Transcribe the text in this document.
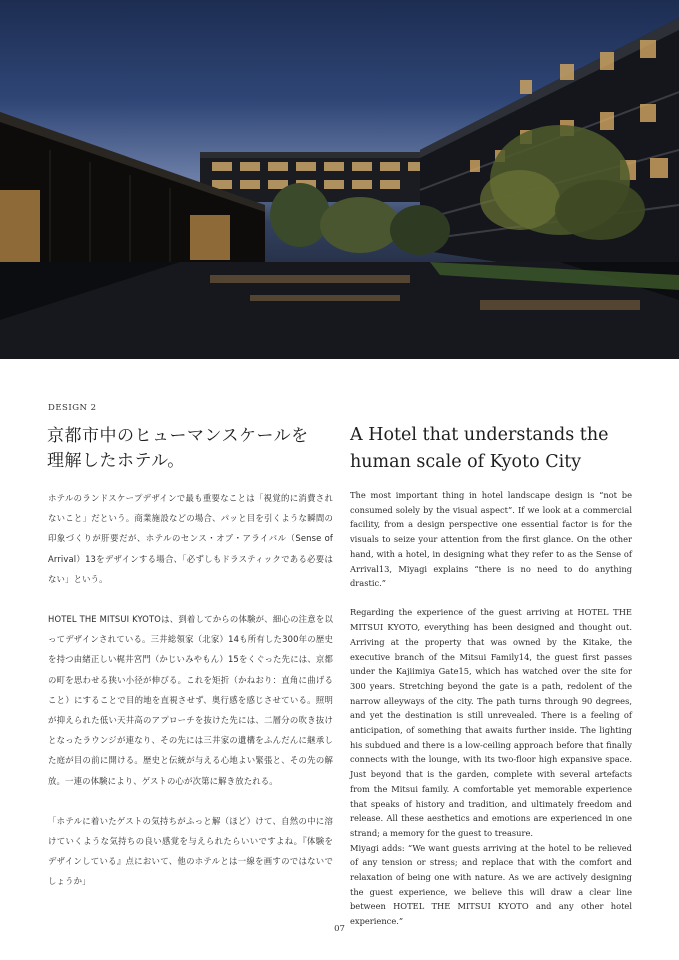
DESIGN 2
京都市中のヒューマンスケールを
理解したホテル。
A Hotel that understands the
human scale of Kyoto City

ホテルのランドスケープデザインで最も重要なことは「視覚的に消費されないこと」だという。商業施設などの場合、パッと目を引くような瞬間の印象づくりが肝要だが、ホテルのセンス・オブ・アライバル（Sense of Arrival）13をデザインする場合、「必ずしもドラスティックである必要はない」という。

HOTEL THE MITSUI KYOTOは、到着してからの体験が、細心の注意を以ってデザインされている。三井総領家（北家）14も所有した300年の歴史を持つ由緒正しい梶井宮門（かじいみやもん）15をくぐった先には、京都の町を思わせる狭い小径が伸びる。これを矩折（かねおり：直角に曲げること）にすることで目的地を直視させず、奥行感を感じさせている。照明が抑えられた低い天井高のアプローチを抜けた先には、二層分の吹き抜けとなったラウンジが連なり、その先には三井家の遺構をふんだんに継承した庭が目の前に開ける。歴史と伝統が与える心地よい緊張と、その先の解放。一連の体験により、ゲストの心が次第に解き放たれる。

「ホテルに着いたゲストの気持ちがふっと解（ほど）けて、自然の中に溶けていくような気持ちの良い感覚を与えられたらいいですよね。『体験をデザインしている』点において、他のホテルとは一線を画すのではないでしょうか」

The most important thing in hotel landscape design is “not be consumed solely by the visual aspect”. If we look at a commercial facility, from a design perspective one essential factor is for the visuals to seize your attention from the first glance. On the other hand, with a hotel, in designing what they refer to as the Sense of Arrival13, Miyagi explains “there is no need to do anything drastic.”

Regarding the experience of the guest arriving at HOTEL THE MITSUI KYOTO, everything has been designed and thought out. Arriving at the property that was owned by the Kitake, the executive branch of the Mitsui Family14, the guest first passes under the Kajiimiya Gate15, which has watched over the site for 300 years. Stretching beyond the gate is a path, redolent of the narrow alleyways of the city. The path turns through 90 degrees, and yet the destination is still unrevealed. There is a feeling of anticipation, of something that awaits further inside. The lighting his subdued and there is a low-ceiling approach before that finally connects with the lounge, with its two-floor high expansive space. Just beyond that is the garden, complete with several artefacts from the Mitsui family. A comfortable yet memorable experience that speaks of history and tradition, and ultimately freedom and release. All these aesthetics and emotions are experienced in one strand; a memory for the guest to treasure.

Miyagi adds: “We want guests arriving at the hotel to be relieved of any tension or stress; and replace that with the comfort and relaxation of being one with nature. As we are actively designing the guest experience, we believe this will draw a clear line between HOTEL THE MITSUI KYOTO and any other hotel experience.”

07
